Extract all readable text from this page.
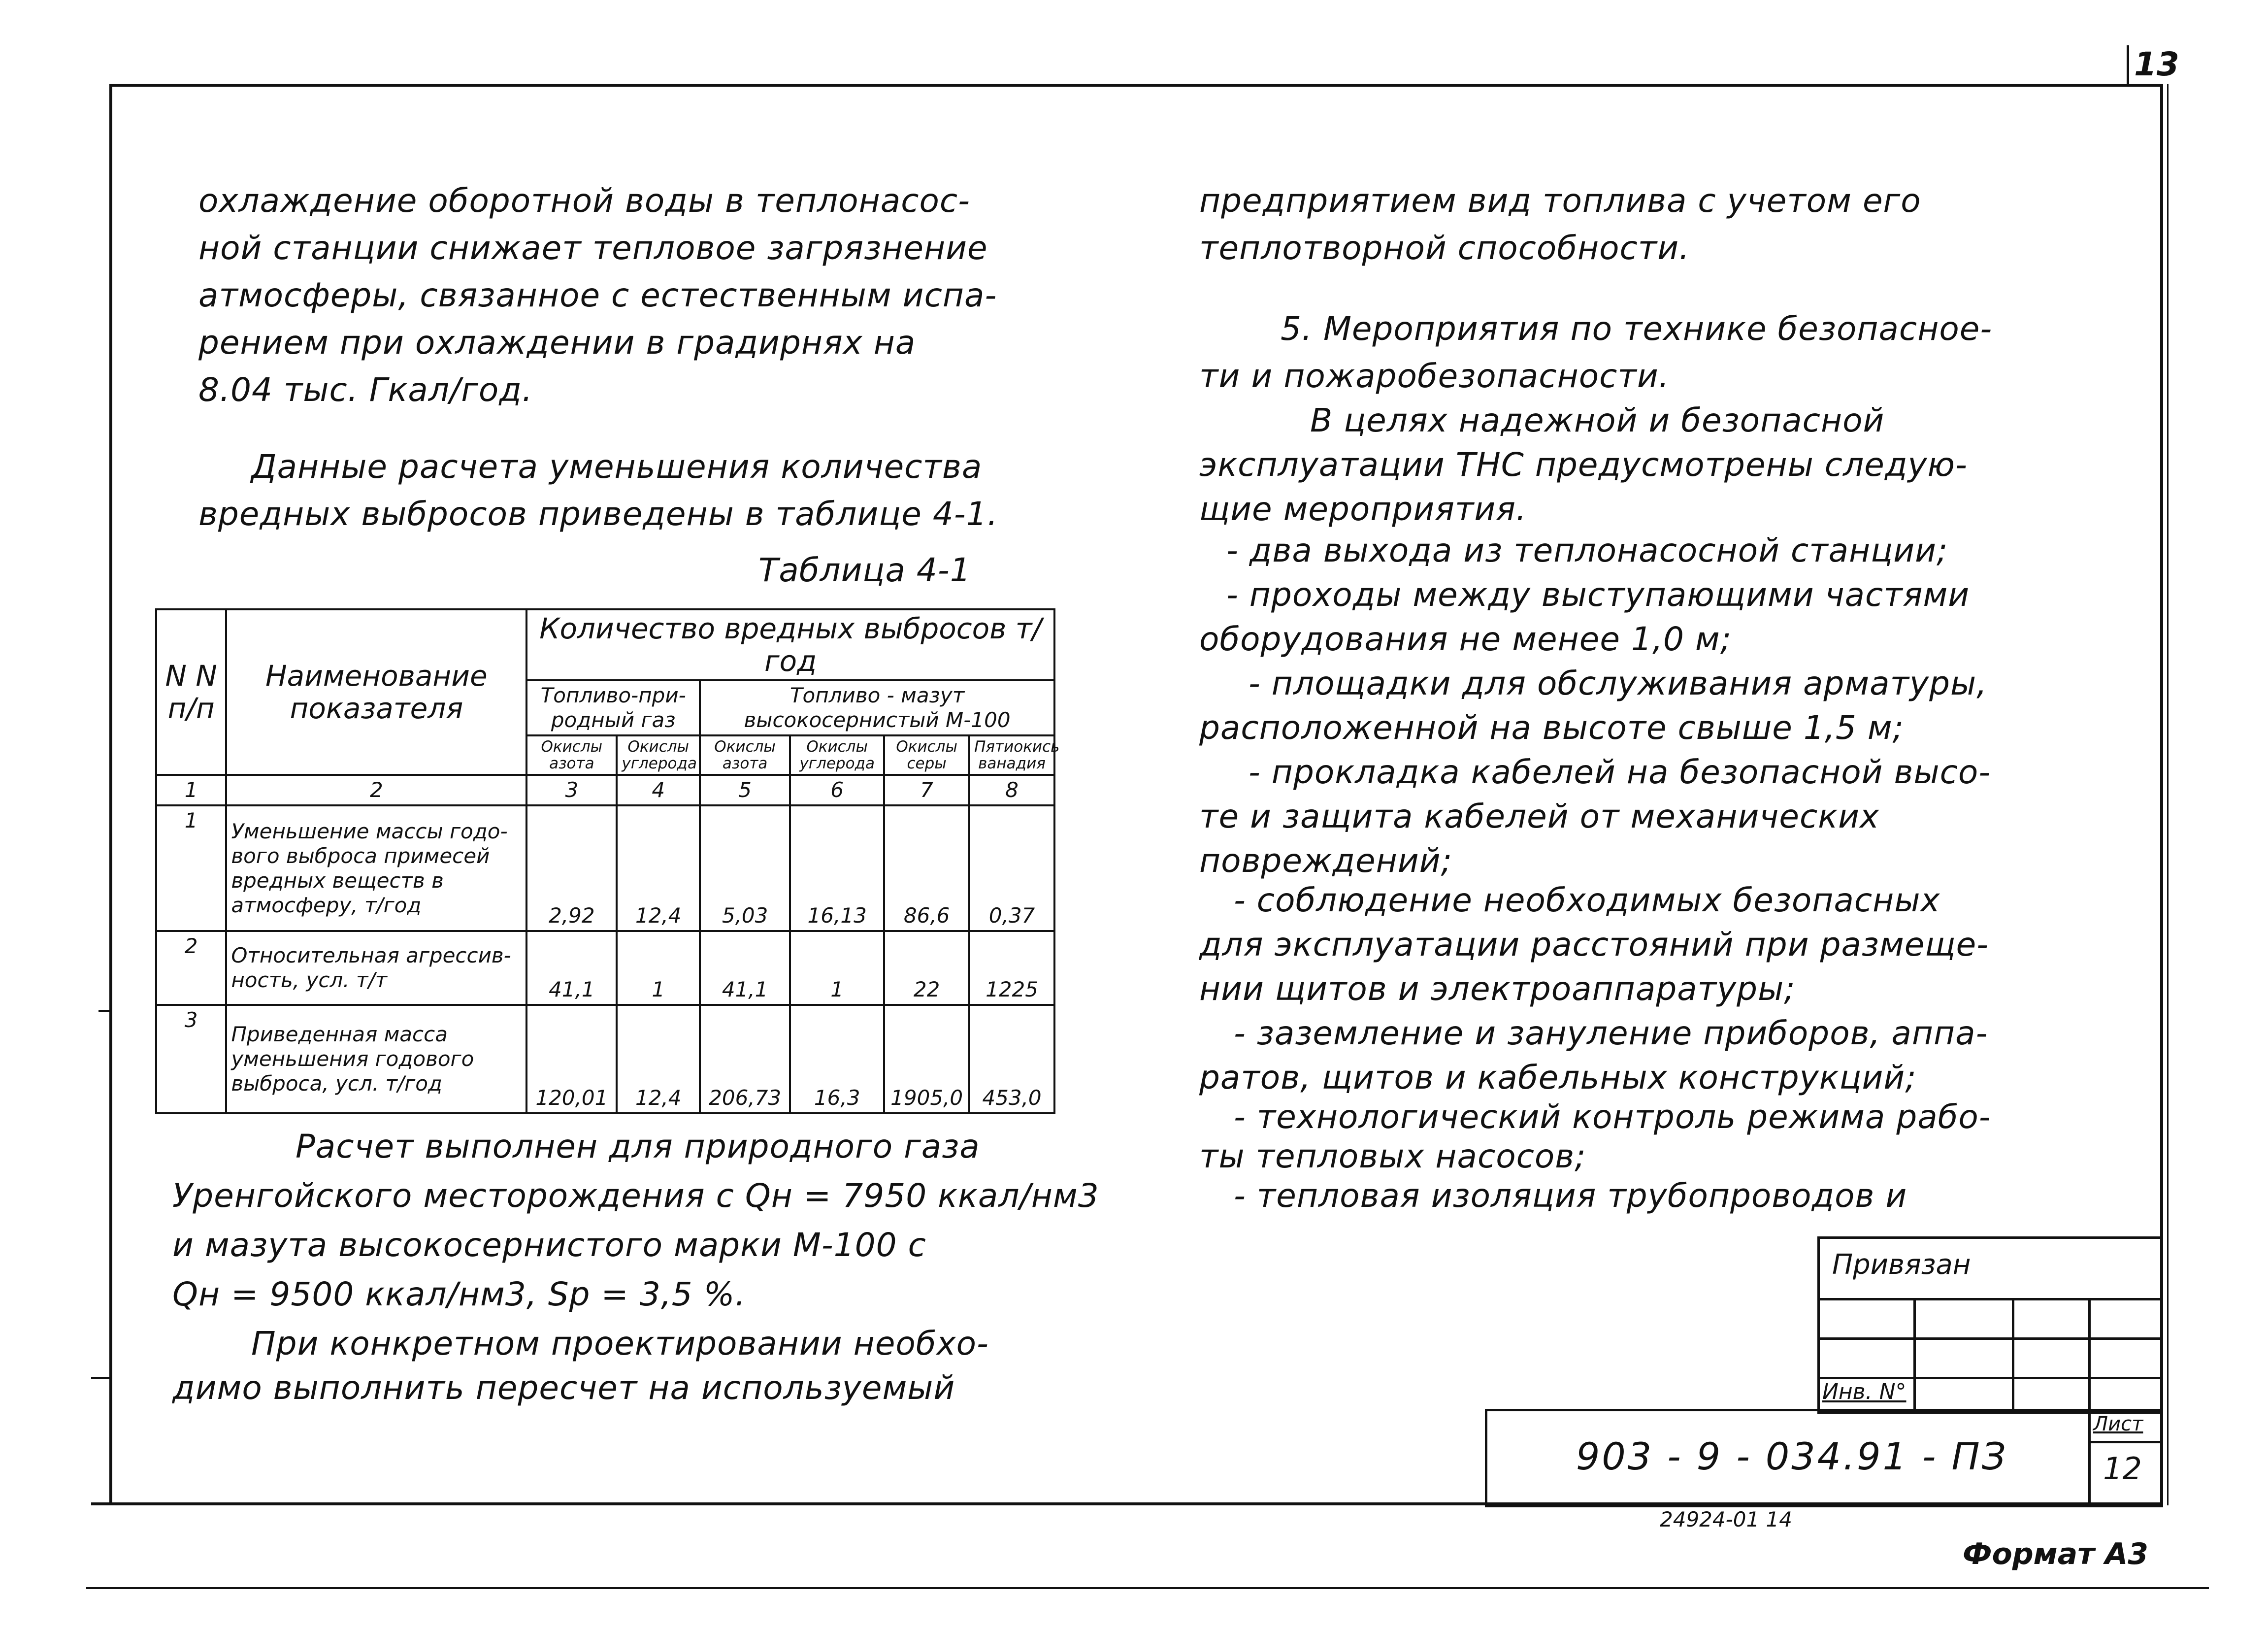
13
охлаждение оборотной воды в теплонасос-
ной станции снижает тепловое загрязнение
атмосферы, связанное с естественным испа-
рением при охлаждении в градирнях на
8.04 тыс. Гкал/год.
Данные расчета уменьшения количества
вредных выбросов приведены в таблице 4-1.
Таблица 4-1
N N п/п	Наименование показателя	Количество вредных выбросов т/год					
		Топливо-при-родный газ		Топливо - мазут высокосернистый М-100			
		Окислы азота	Окислы углерода	Окислы азота	Окислы углерода	Окислы серы	Пятиокись ванадия
1	2	3	4	5	6	7	8
1	Уменьшение массы годо-вого выброса примесей вредных веществ в атмосферу, т/год	2,92	12,4	5,03	16,13	86,6	0,37
2	Относительная агрессив-ность, усл. т/т	41,1	1	41,1	1	22	1225
3	Приведенная масса уменьшения годового выброса, усл. т/год	120,01	12,4	206,73	16,3	1905,0	453,0
Расчет выполнен для природного газа
Уренгойского месторождения с Qн = 7950 ккал/нм3
и мазута высокосернистого марки М-100 с
Qн = 9500 ккал/нм3, Sp = 3,5 %.
При конкретном проектировании необхо-
димо выполнить пересчет на используемый
предприятием вид топлива с учетом его
теплотворной способности.
5. Мероприятия по технике безопасное-
ти и пожаробезопасности.
В целях надежной и безопасной
эксплуатации ТНС предусмотрены следую-
щие мероприятия.
- два выхода из теплонасосной станции;
- проходы между выступающими частями
оборудования не менее 1,0 м;
- площадки для обслуживания арматуры,
расположенной на высоте свыше 1,5 м;
- прокладка кабелей на безопасной высо-
те и защита кабелей от механических
повреждений;
- соблюдение необходимых безопасных
для эксплуатации расстояний при размеще-
нии щитов и электроаппаратуры;
- заземление и зануление приборов, аппа-
ратов, щитов и кабельных конструкций;
- технологический контроль режима рабо-
ты тепловых насосов;
- тепловая изоляция трубопроводов и
Привязан
Инв. N°
903 - 9 - 034.91 - ПЗ
Лист
12
24924-01 14
Формат А3
